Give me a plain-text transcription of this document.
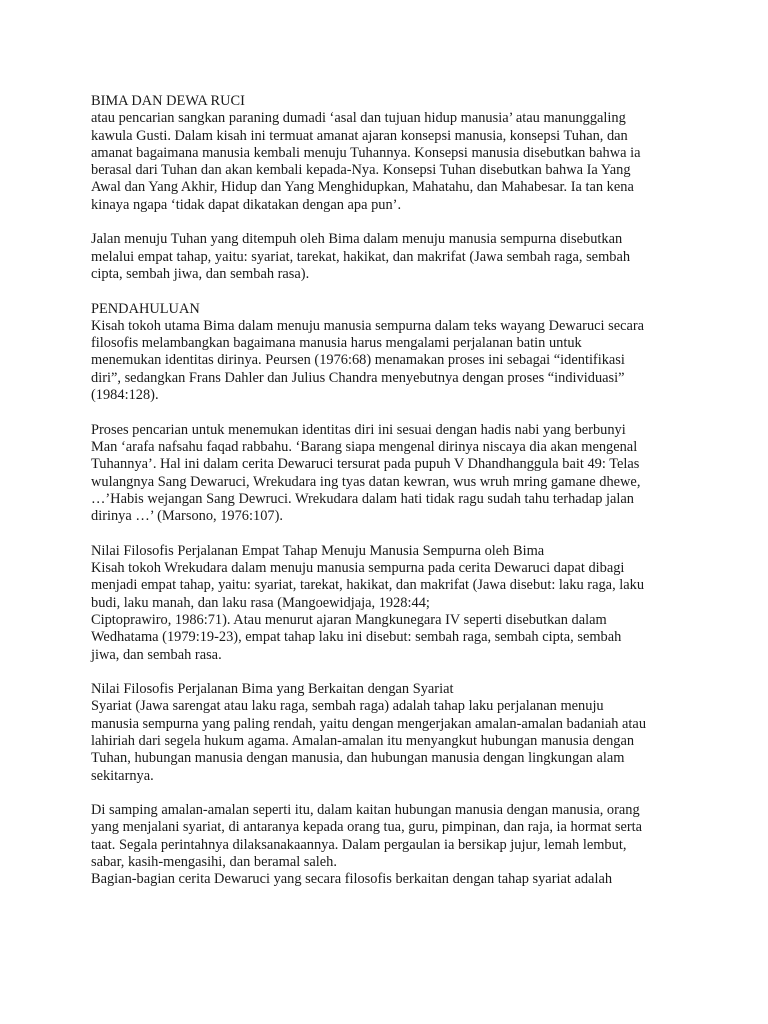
BIMA DAN DEWA RUCI
atau pencarian sangkan paraning dumadi ‘asal dan tujuan hidup manusia’ atau manunggaling
kawula Gusti. Dalam kisah ini termuat amanat ajaran konsepsi manusia, konsepsi Tuhan, dan
amanat bagaimana manusia kembali menuju Tuhannya. Konsepsi manusia disebutkan bahwa ia
berasal dari Tuhan dan akan kembali kepada-Nya. Konsepsi Tuhan disebutkan bahwa Ia Yang
Awal dan Yang Akhir, Hidup dan Yang Menghidupkan, Mahatahu, dan Mahabesar. Ia tan kena
kinaya ngapa ‘tidak dapat dikatakan dengan apa pun’.
Jalan menuju Tuhan yang ditempuh oleh Bima dalam menuju manusia sempurna disebutkan
melalui empat tahap, yaitu: syariat, tarekat, hakikat, dan makrifat (Jawa sembah raga, sembah
cipta, sembah jiwa, dan sembah rasa).
PENDAHULUAN
Kisah tokoh utama Bima dalam menuju manusia sempurna dalam teks wayang Dewaruci secara
filosofis melambangkan bagaimana manusia harus mengalami perjalanan batin untuk
menemukan identitas dirinya. Peursen (1976:68) menamakan proses ini sebagai “identifikasi
diri”, sedangkan Frans Dahler dan Julius Chandra menyebutnya dengan proses “individuasi”
(1984:128).
Proses pencarian untuk menemukan identitas diri ini sesuai dengan hadis nabi yang berbunyi
Man ‘arafa nafsahu faqad rabbahu. ‘Barang siapa mengenal dirinya niscaya dia akan mengenal
Tuhannya’. Hal ini dalam cerita Dewaruci tersurat pada pupuh V Dhandhanggula bait 49: Telas
wulangnya Sang Dewaruci, Wrekudara ing tyas datan kewran, wus wruh mring gamane dhewe,
…’Habis wejangan Sang Dewruci. Wrekudara dalam hati tidak ragu sudah tahu terhadap jalan
dirinya …’ (Marsono, 1976:107).
Nilai Filosofis Perjalanan Empat Tahap Menuju Manusia Sempurna oleh Bima
Kisah tokoh Wrekudara dalam menuju manusia sempurna pada cerita Dewaruci dapat dibagi
menjadi empat tahap, yaitu: syariat, tarekat, hakikat, dan makrifat (Jawa disebut: laku raga, laku
budi, laku manah, dan laku rasa (Mangoewidjaja, 1928:44;
Ciptoprawiro, 1986:71). Atau menurut ajaran Mangkunegara IV seperti disebutkan dalam
Wedhatama (1979:19-23), empat tahap laku ini disebut: sembah raga, sembah cipta, sembah
jiwa, dan sembah rasa.
Nilai Filosofis Perjalanan Bima yang Berkaitan dengan Syariat
Syariat (Jawa sarengat atau laku raga, sembah raga) adalah tahap laku perjalanan menuju
manusia sempurna yang paling rendah, yaitu dengan mengerjakan amalan-amalan badaniah atau
lahiriah dari segela hukum agama. Amalan-amalan itu menyangkut hubungan manusia dengan
Tuhan, hubungan manusia dengan manusia, dan hubungan manusia dengan lingkungan alam
sekitarnya.
Di samping amalan-amalan seperti itu, dalam kaitan hubungan manusia dengan manusia, orang
yang menjalani syariat, di antaranya kepada orang tua, guru, pimpinan, dan raja, ia hormat serta
taat. Segala perintahnya dilaksanakaannya. Dalam pergaulan ia bersikap jujur, lemah lembut,
sabar, kasih-mengasihi, dan beramal saleh.
Bagian-bagian cerita Dewaruci yang secara filosofis berkaitan dengan tahap syariat adalah
